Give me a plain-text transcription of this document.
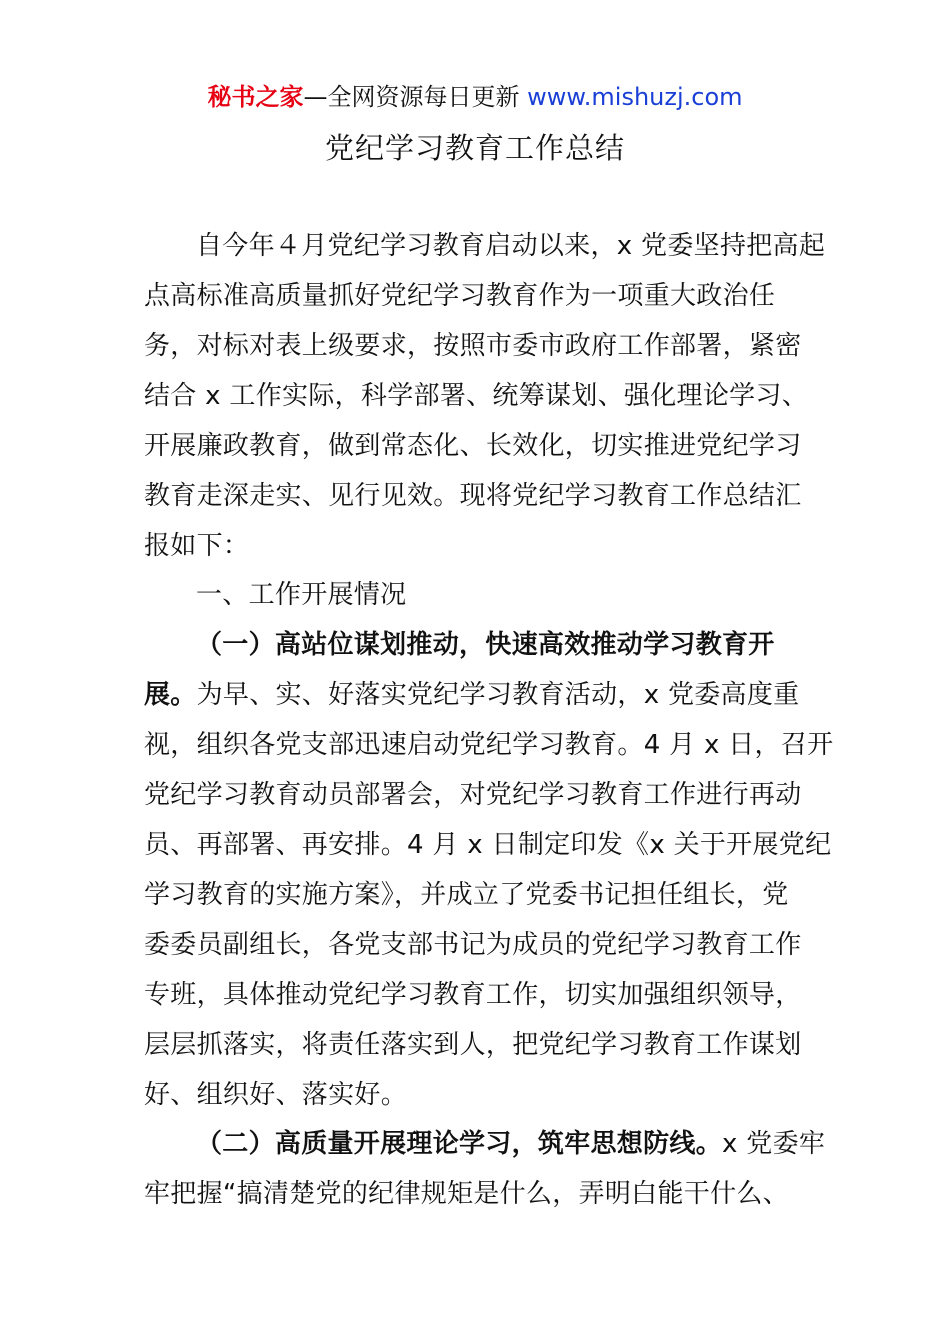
秘书之家—全网资源每日更新 www.mishuzj.com
党纪学习教育工作总结
自今年４月党纪学习教育启动以来，x 党委坚持把高起
点高标准高质量抓好党纪学习教育作为一项重大政治任
务，对标对表上级要求，按照市委市政府工作部署，紧密
结合 x 工作实际，科学部署、统筹谋划、强化理论学习、
开展廉政教育，做到常态化、长效化，切实推进党纪学习
教育走深走实、见行见效。现将党纪学习教育工作总结汇
报如下：
一、工作开展情况
（一）高站位谋划推动，快速高效推动学习教育开
展。为早、实、好落实党纪学习教育活动，x 党委高度重
视，组织各党支部迅速启动党纪学习教育。4 月 x 日，召开
党纪学习教育动员部署会，对党纪学习教育工作进行再动
员、再部署、再安排。4 月 x 日制定印发《x 关于开展党纪
学习教育的实施方案》，并成立了党委书记担任组长，党
委委员副组长，各党支部书记为成员的党纪学习教育工作
专班，具体推动党纪学习教育工作，切实加强组织领导，
层层抓落实，将责任落实到人，把党纪学习教育工作谋划
好、组织好、落实好。
（二）高质量开展理论学习，筑牢思想防线。x 党委牢
牢把握“搞清楚党的纪律规矩是什么，弄明白能干什么、
